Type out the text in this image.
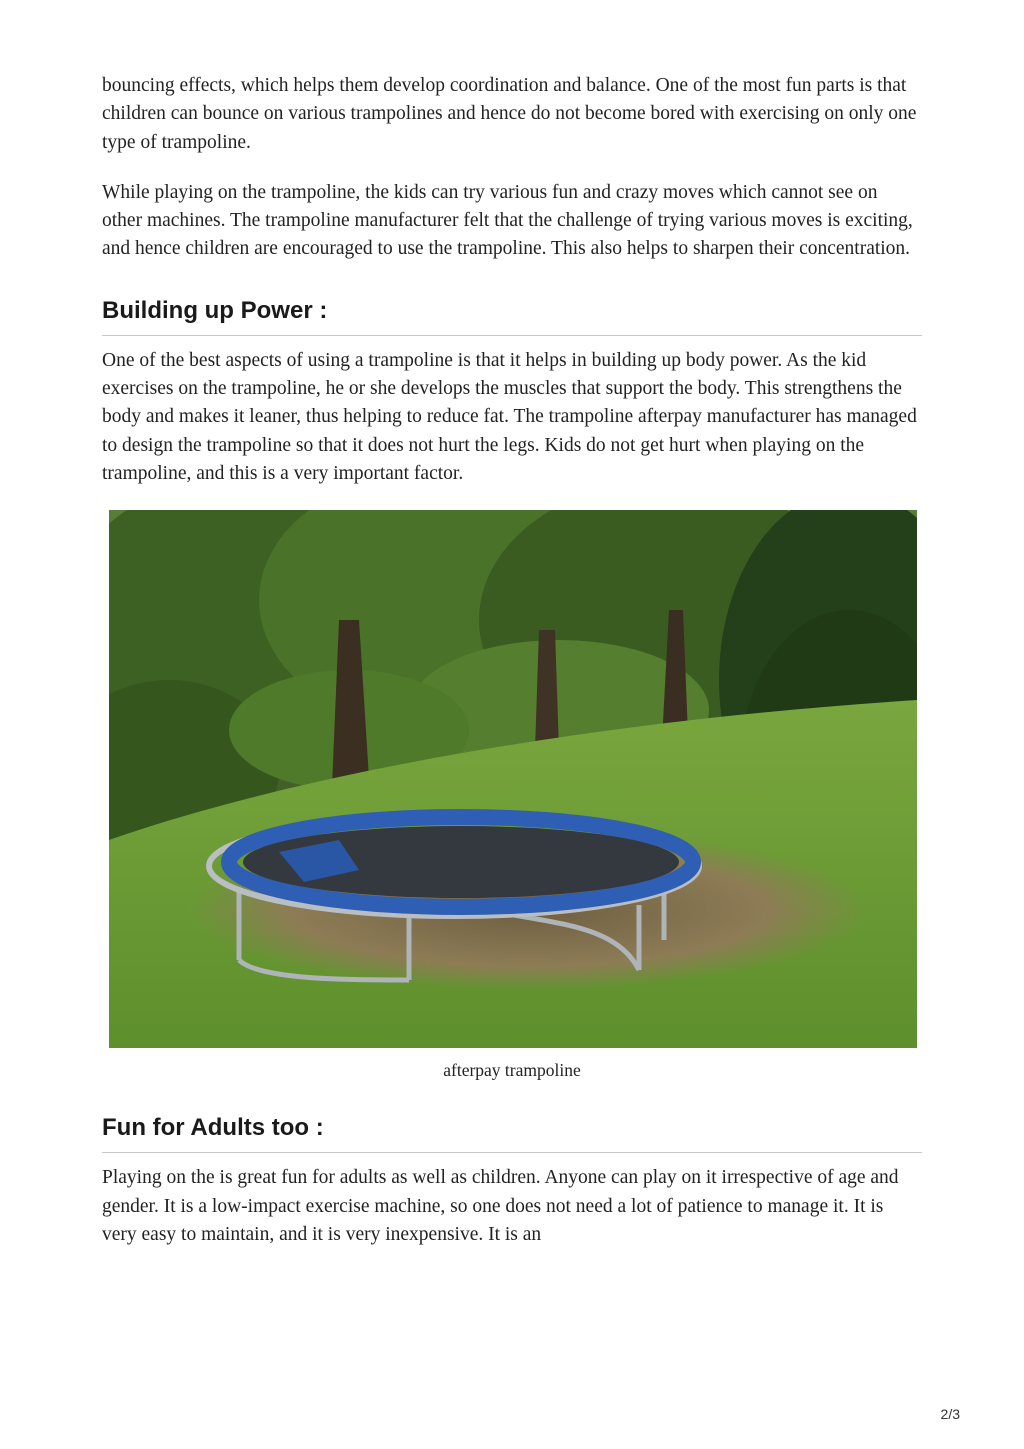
bouncing effects, which helps them develop coordination and balance. One of the most fun parts is that children can bounce on various trampolines and hence do not become bored with exercising on only one type of trampoline.

While playing on the trampoline, the kids can try various fun and crazy moves which cannot see on other machines. The trampoline manufacturer felt that the challenge of trying various moves is exciting, and hence children are encouraged to use the trampoline. This also helps to sharpen their concentration.

Building up Power :

One of the best aspects of using a trampoline is that it helps in building up body power. As the kid exercises on the trampoline, he or she develops the muscles that support the body. This strengthens the body and makes it leaner, thus helping to reduce fat. The trampoline afterpay manufacturer has managed to design the trampoline so that it does not hurt the legs. Kids do not get hurt when playing on the trampoline, and this is a very important factor.

afterpay trampoline
Fun for Adults too :

Playing on the is great fun for adults as well as children. Anyone can play on it irrespective of age and gender. It is a low-impact exercise machine, so one does not need a lot of patience to manage it. It is very easy to maintain, and it is very inexpensive. It is an

2/3
